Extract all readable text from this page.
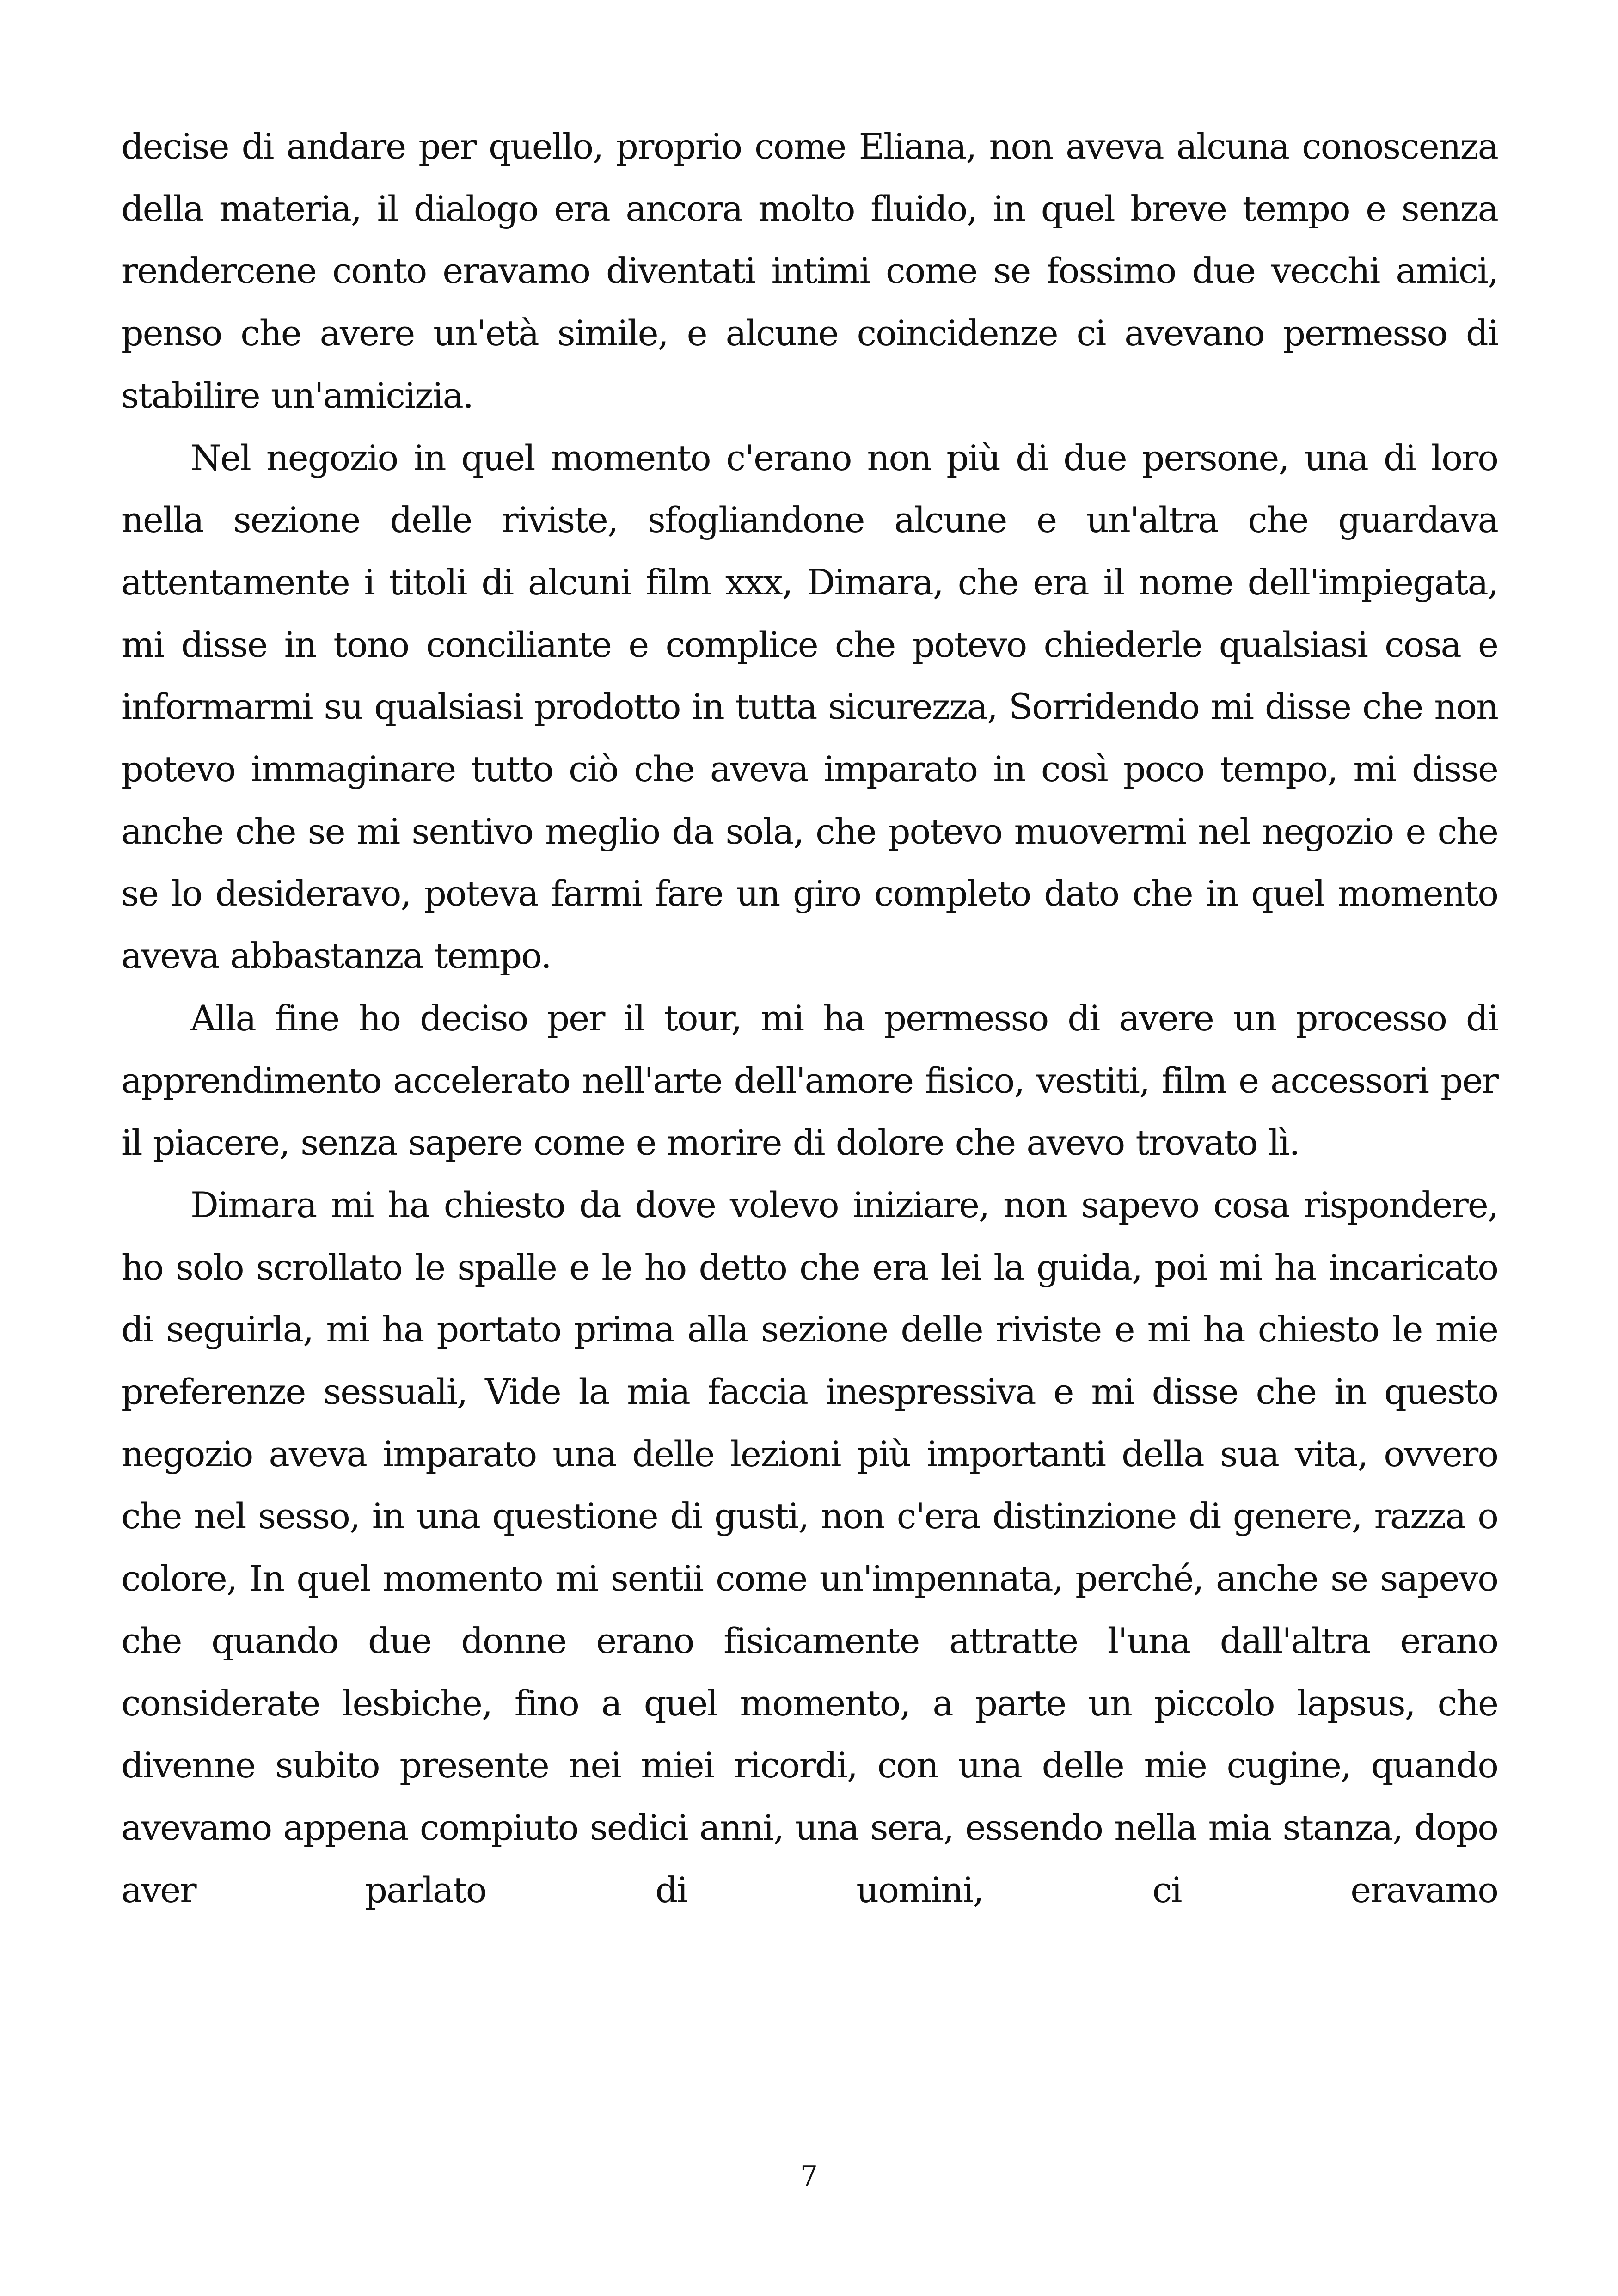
decise di andare per quello, proprio come Eliana, non aveva alcuna conoscenza della materia, il dialogo era ancora molto fluido, in quel breve tempo e senza rendercene conto eravamo diventati intimi come se fossimo due vecchi amici, penso che avere un'età simile, e alcune coincidenze ci avevano permesso di stabilire un'amicizia.

Nel negozio in quel momento c'erano non più di due persone, una di loro nella sezione delle riviste, sfogliandone alcune e un'altra che guardava attentamente i titoli di alcuni film xxx, Dimara, che era il nome dell'impiegata, mi disse in tono conciliante e complice che potevo chiederle qualsiasi cosa e informarmi su qualsiasi prodotto in tutta sicurezza, Sorridendo mi disse che non potevo immaginare tutto ciò che aveva imparato in così poco tempo, mi disse anche che se mi sentivo meglio da sola, che potevo muovermi nel negozio e che se lo desideravo, poteva farmi fare un giro completo dato che in quel momento aveva abbastanza tempo.

Alla fine ho deciso per il tour, mi ha permesso di avere un processo di apprendimento accelerato nell'arte dell'amore fisico, vestiti, film e accessori per il piacere, senza sapere come e morire di dolore che avevo trovato lì.

Dimara mi ha chiesto da dove volevo iniziare, non sapevo cosa rispondere, ho solo scrollato le spalle e le ho detto che era lei la guida, poi mi ha incaricato di seguirla, mi ha portato prima alla sezione delle riviste e mi ha chiesto le mie preferenze sessuali, Vide la mia faccia inespressiva e mi disse che in questo negozio aveva imparato una delle lezioni più importanti della sua vita, ovvero che nel sesso, in una questione di gusti, non c'era distinzione di genere, razza o colore, In quel momento mi sentii come un'impennata, perché, anche se sapevo che quando due donne erano fisicamente attratte l'una dall'altra erano considerate lesbiche, fino a quel momento, a parte un piccolo lapsus, che divenne subito presente nei miei ricordi, con una delle mie cugine, quando avevamo appena compiuto sedici anni, una sera, essendo nella mia stanza, dopo aver parlato di uomini, ci eravamo

7
